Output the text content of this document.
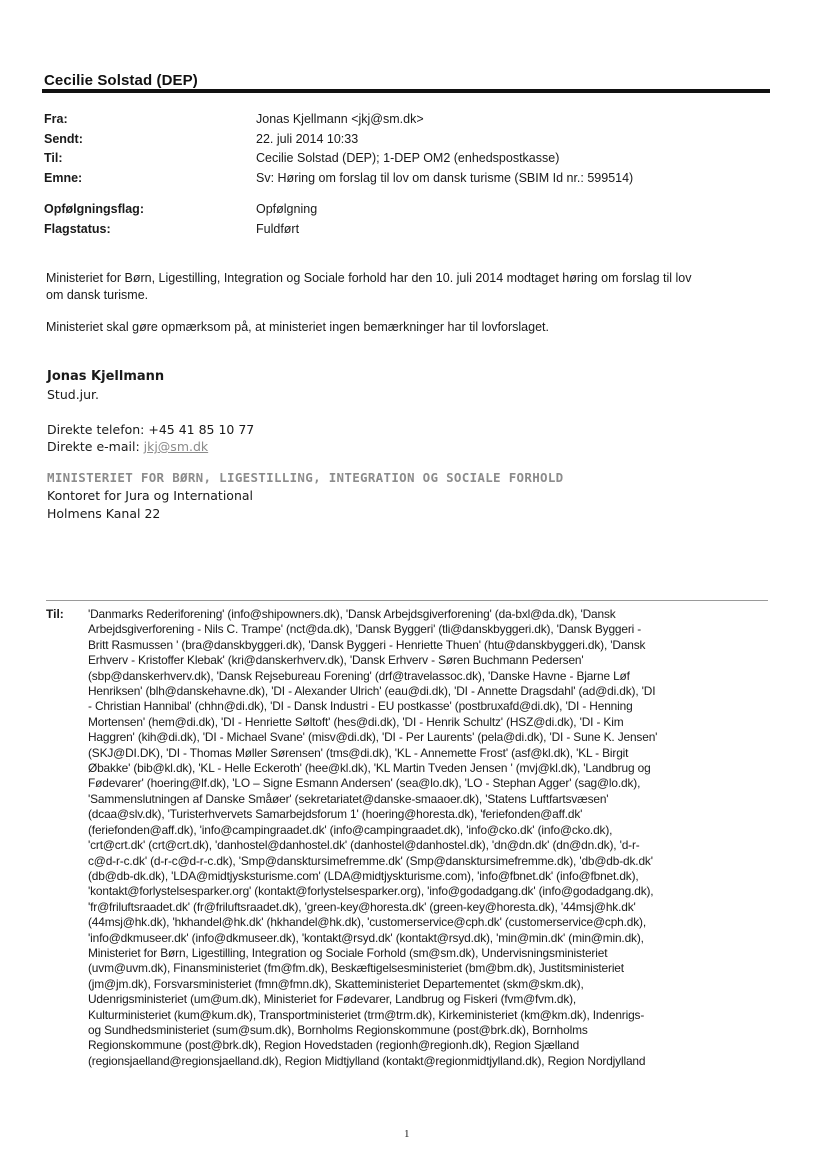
Cecilie Solstad (DEP)
Fra:	Jonas Kjellmann <jkj@sm.dk>
Sendt:	22. juli 2014 10:33
Til:	Cecilie Solstad (DEP); 1-DEP OM2 (enhedspostkasse)
Emne:	Sv: Høring om forslag til lov om dansk turisme (SBIM Id nr.: 599514)
Opfølgningsflag:	Opfølgning
Flagstatus:	Fuldført

Ministeriet for Børn, Ligestilling, Integration og Sociale forhold har den 10. juli 2014 modtaget høring om forslag til lov
om dansk turisme.

Ministeriet skal gøre opmærksom på, at ministeriet ingen bemærkninger har til lovforslaget.

Jonas Kjellmann
Stud.jur.
Direkte telefon: +45 41 85 10 77
Direkte e-mail: jkj@sm.dk
MINISTERIET FOR BØRN, LIGESTILLING, INTEGRATION OG SOCIALE FORHOLD
Kontoret for Jura og International
Holmens Kanal 22
Til:	'Danmarks Rederiforening' (info@shipowners.dk), 'Dansk Arbejdsgiverforening' (da-bxl@da.dk), 'Dansk
Arbejdsgiverforening - Nils C. Trampe' (nct@da.dk), 'Dansk Byggeri' (tli@danskbyggeri.dk), 'Dansk Byggeri -
Britt Rasmussen ' (bra@danskbyggeri.dk), 'Dansk Byggeri - Henriette Thuen' (htu@danskbyggeri.dk), 'Dansk
Erhverv - Kristoffer Klebak' (kri@danskerhverv.dk), 'Dansk Erhverv - Søren Buchmann Pedersen'
(sbp@danskerhverv.dk), 'Dansk Rejsebureau Forening' (drf@travelassoc.dk), 'Danske Havne - Bjarne Løf
Henriksen' (blh@danskehavne.dk), 'DI - Alexander Ulrich' (eau@di.dk), 'DI - Annette Dragsdahl' (ad@di.dk), 'DI
- Christian Hannibal' (chhn@di.dk), 'DI - Dansk Industri - EU postkasse' (postbruxafd@di.dk), 'DI - Henning
Mortensen' (hem@di.dk), 'DI - Henriette Søltoft' (hes@di.dk), 'DI - Henrik Schultz' (HSZ@di.dk), 'DI - Kim
Haggren' (kih@di.dk), 'DI - Michael Svane' (misv@di.dk), 'DI - Per Laurents' (pela@di.dk), 'DI - Sune K. Jensen'
(SKJ@DI.DK), 'DI - Thomas Møller Sørensen' (tms@di.dk), 'KL - Annemette Frost' (asf@kl.dk), 'KL - Birgit
Øbakke' (bib@kl.dk), 'KL - Helle Eckeroth' (hee@kl.dk), 'KL Martin Tveden Jensen ' (mvj@kl.dk), 'Landbrug og
Fødevarer' (hoering@lf.dk), 'LO – Signe Esmann Andersen' (sea@lo.dk), 'LO - Stephan Agger' (sag@lo.dk),
'Sammenslutningen af Danske Småøer' (sekretariatet@danske-smaaoer.dk), 'Statens Luftfartsvæsen'
(dcaa@slv.dk), 'Turisterhvervets Samarbejdsforum 1' (hoering@horesta.dk), 'feriefonden@aff.dk'
(feriefonden@aff.dk), 'info@campingraadet.dk' (info@campingraadet.dk), 'info@cko.dk' (info@cko.dk),
'crt@crt.dk' (crt@crt.dk), 'danhostel@danhostel.dk' (danhostel@danhostel.dk), 'dn@dn.dk' (dn@dn.dk), 'd-r-
c@d-r-c.dk' (d-r-c@d-r-c.dk), 'Smp@dansktursimefremme.dk' (Smp@dansktursimefremme.dk), 'db@db-dk.dk'
(db@db-dk.dk), 'LDA@midtjysksturisme.com' (LDA@midtjyskturisme.com), 'info@fbnet.dk' (info@fbnet.dk),
'kontakt@forlystelsesparker.org' (kontakt@forlystelsesparker.org), 'info@godadgang.dk' (info@godadgang.dk),
'fr@friluftsraadet.dk' (fr@friluftsraadet.dk), 'green-key@horesta.dk' (green-key@horesta.dk), '44msj@hk.dk'
(44msj@hk.dk), 'hkhandel@hk.dk' (hkhandel@hk.dk), 'customerservice@cph.dk' (customerservice@cph.dk),
'info@dkmuseer.dk' (info@dkmuseer.dk), 'kontakt@rsyd.dk' (kontakt@rsyd.dk), 'min@min.dk' (min@min.dk),
Ministeriet for Børn, Ligestilling, Integration og Sociale Forhold (sm@sm.dk), Undervisningsministeriet
(uvm@uvm.dk), Finansministeriet (fm@fm.dk), Beskæftigelsesministeriet (bm@bm.dk), Justitsministeriet
(jm@jm.dk), Forsvarsministeriet (fmn@fmn.dk), Skatteministeriet Departementet (skm@skm.dk),
Udenrigsministeriet (um@um.dk), Ministeriet for Fødevarer, Landbrug og Fiskeri (fvm@fvm.dk),
Kulturministeriet (kum@kum.dk), Transportministeriet (trm@trm.dk), Kirkeministeriet (km@km.dk), Indenrigs-
og Sundhedsministeriet (sum@sum.dk), Bornholms Regionskommune (post@brk.dk), Bornholms
Regionskommune (post@brk.dk), Region Hovedstaden (regionh@regionh.dk), Region Sjælland
(regionsjaelland@regionsjaelland.dk), Region Midtjylland (kontakt@regionmidtjylland.dk), Region Nordjylland
1
